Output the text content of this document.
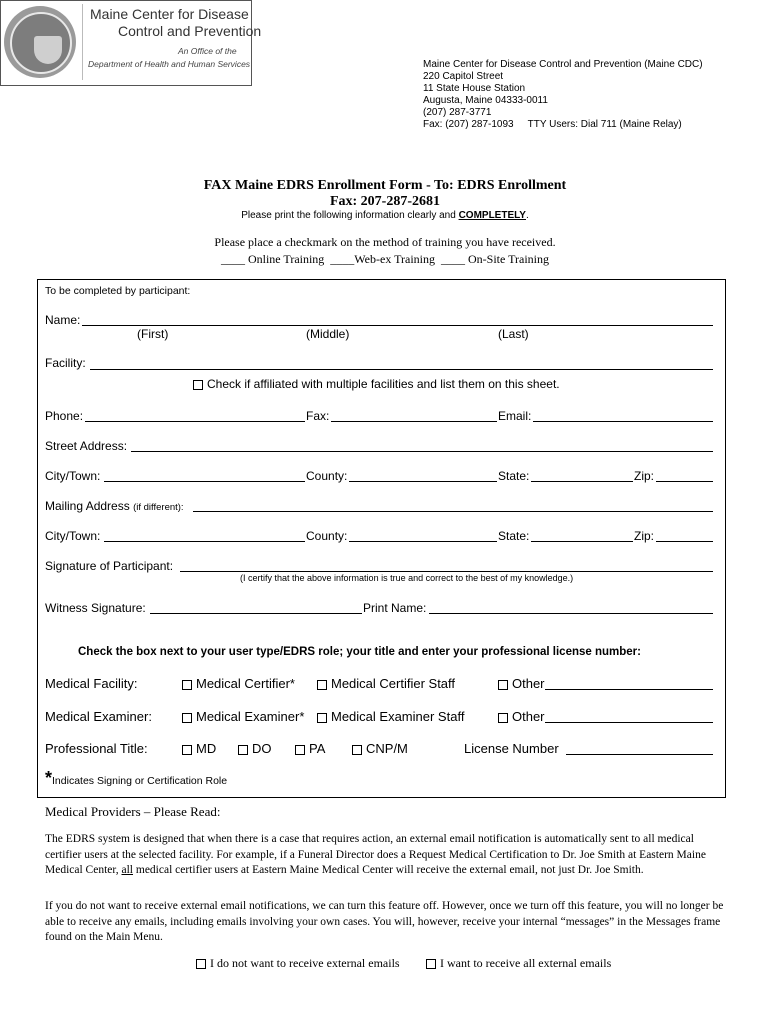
Maine Center for Disease
Control and Prevention
An Office of the
Department of Health and Human Services	Maine Center for Disease Control and Prevention (Maine CDC)
220 Capitol Street
11 State House Station
Augusta, Maine 04333-0011
(207) 287-3771
Fax: (207) 287-1093 TTY Users: Dial 711 (Maine Relay)
FAX Maine EDRS Enrollment Form - To: EDRS Enrollment
Fax: 207-287-2681
Please print the following information clearly and COMPLETELY.
Please place a checkmark on the method of training you have received.
____ Online Training  ____Web-ex Training  ____ On-Site Training
To be completed by participant:
Name:
(First)	(Middle)	(Last)
Facility:
Check if affiliated with multiple facilities and list them on this sheet.
Phone:	Fax:	Email:
Street Address:
City/Town:	County:	State:	Zip:
Mailing Address (if different):
City/Town:	County:	State:	Zip:
Signature of Participant:
(I certify that the above information is true and correct to the best of my knowledge.)
Witness Signature:	Print Name:
Check the box next to your user type/EDRS role; your title and enter your professional license number:
Medical Facility:	Medical Certifier*	Medical Certifier Staff	Other
Medical Examiner:	Medical Examiner*	Medical Examiner Staff	Other
Professional Title:	MD	DO	PA	CNP/M	License Number
*Indicates Signing or Certification Role
Medical Providers – Please Read:
The EDRS system is designed that when there is a case that requires action, an external email notification is automatically sent to all medical certifier users at the selected facility. For example, if a Funeral Director does a Request Medical Certification to Dr. Joe Smith at Eastern Maine Medical Center, all medical certifier users at Eastern Maine Medical Center will receive the external email, not just Dr. Joe Smith.
If you do not want to receive external email notifications, we can turn this feature off. However, once we turn off this feature, you will no longer be able to receive any emails, including emails involving your own cases. You will, however, receive your internal “messages” in the Messages frame found on the Main Menu.
I do not want to receive external emails	I want to receive all external emails
